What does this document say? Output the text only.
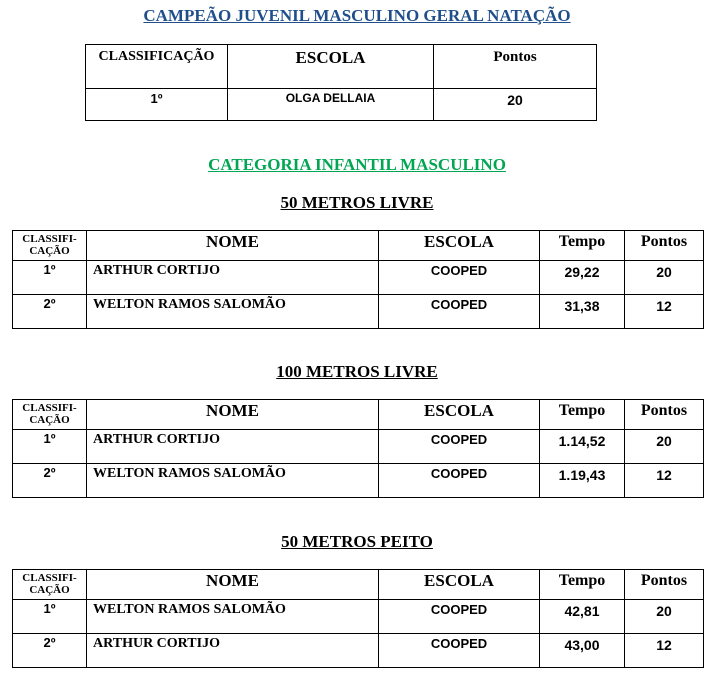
CAMPEÃO JUVENIL MASCULINO GERAL NATAÇÃO
CLASSIFICAÇÃO	ESCOLA	Pontos
1º	OLGA DELLAIA	20
CATEGORIA INFANTIL MASCULINO
50 METROS LIVRE
CLASSIFI-
CAÇÃO	NOME	ESCOLA	Tempo	Pontos
1º	ARTHUR CORTIJO	COOPED	29,22	20
2º	WELTON RAMOS SALOMÃO	COOPED	31,38	12
100 METROS LIVRE
CLASSIFI-
CAÇÃO	NOME	ESCOLA	Tempo	Pontos
1º	ARTHUR CORTIJO	COOPED	1.14,52	20
2º	WELTON RAMOS SALOMÃO	COOPED	1.19,43	12
50 METROS PEITO
CLASSIFI-
CAÇÃO	NOME	ESCOLA	Tempo	Pontos
1º	WELTON RAMOS SALOMÃO	COOPED	42,81	20
2º	ARTHUR CORTIJO	COOPED	43,00	12
